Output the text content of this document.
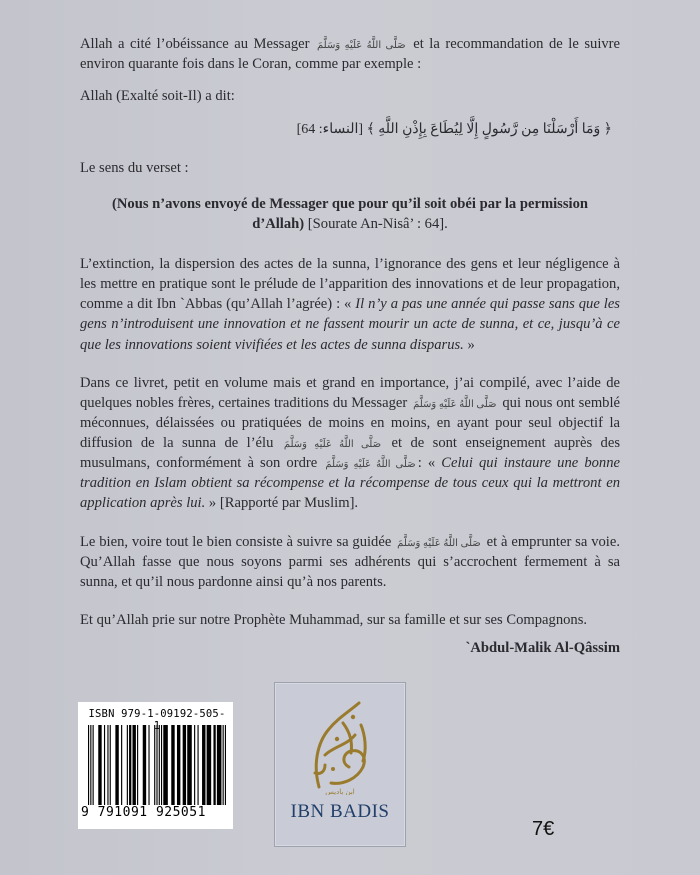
Allah a cité l’obéissance au Messager صَلَّى اللَّهُ عَلَيْهِ وَسَلَّمَ et la recommandation de le suivre environ quarante fois dans le Coran, comme par exemple :

Allah (Exalté soit-Il) a dit:

﴿ وَمَا أَرْسَلْنَا مِن رَّسُولٍ إِلَّا لِيُطَاعَ بِإِذْنِ اللَّهِ ﴾ [النساء: 64]

Le sens du verset :

(Nous n’avons envoyé de Messager que pour qu’il soit obéi par la permission d’Allah) [Sourate An-Nisâ’ : 64].

L’extinction, la dispersion des actes de la sunna, l’ignorance des gens et leur négligence à les mettre en pratique sont le prélude de l’apparition des innovations et de leur propagation, comme a dit Ibn `Abbas (qu’Allah l’agrée) : « Il n’y a pas une année qui passe sans que les gens n’introduisent une innovation et ne fassent mourir un acte de sunna, et ce, jusqu’à ce que les innovations soient vivifiées et les actes de sunna disparus. »

Dans ce livret, petit en volume mais et grand en importance, j’ai compilé, avec l’aide de quelques nobles frères, certaines traditions du Messager صَلَّى اللَّهُ عَلَيْهِ وَسَلَّمَ qui nous ont semblé méconnues, délaissées ou pratiquées de moins en moins, en ayant pour seul objectif la diffusion de la sunna de l’élu صَلَّى اللَّهُ عَلَيْهِ وَسَلَّمَ et de sont enseignement auprès des musulmans, conformément à son ordre صَلَّى اللَّهُ عَلَيْهِ وَسَلَّمَ : « Celui qui instaure une bonne tradition en Islam obtient sa récompense et la récompense de tous ceux qui la mettront en application après lui. » [Rapporté par Muslim].

Le bien, voire tout le bien consiste à suivre sa guidée صَلَّى اللَّهُ عَلَيْهِ وَسَلَّمَ et à emprunter sa voie. Qu’Allah fasse que nous soyons parmi ses adhérents qui s’accrochent fermement à sa sunna, et qu’il nous pardonne ainsi qu’à nos parents.

Et qu’Allah prie sur notre Prophète Muhammad, sur sa famille et sur ses Compagnons.

`Abdul-Malik Al-Qâssim

ISBN 979-1-09192-505-1
9 791091 925051
ابن باديس
IBN BADIS
7€
